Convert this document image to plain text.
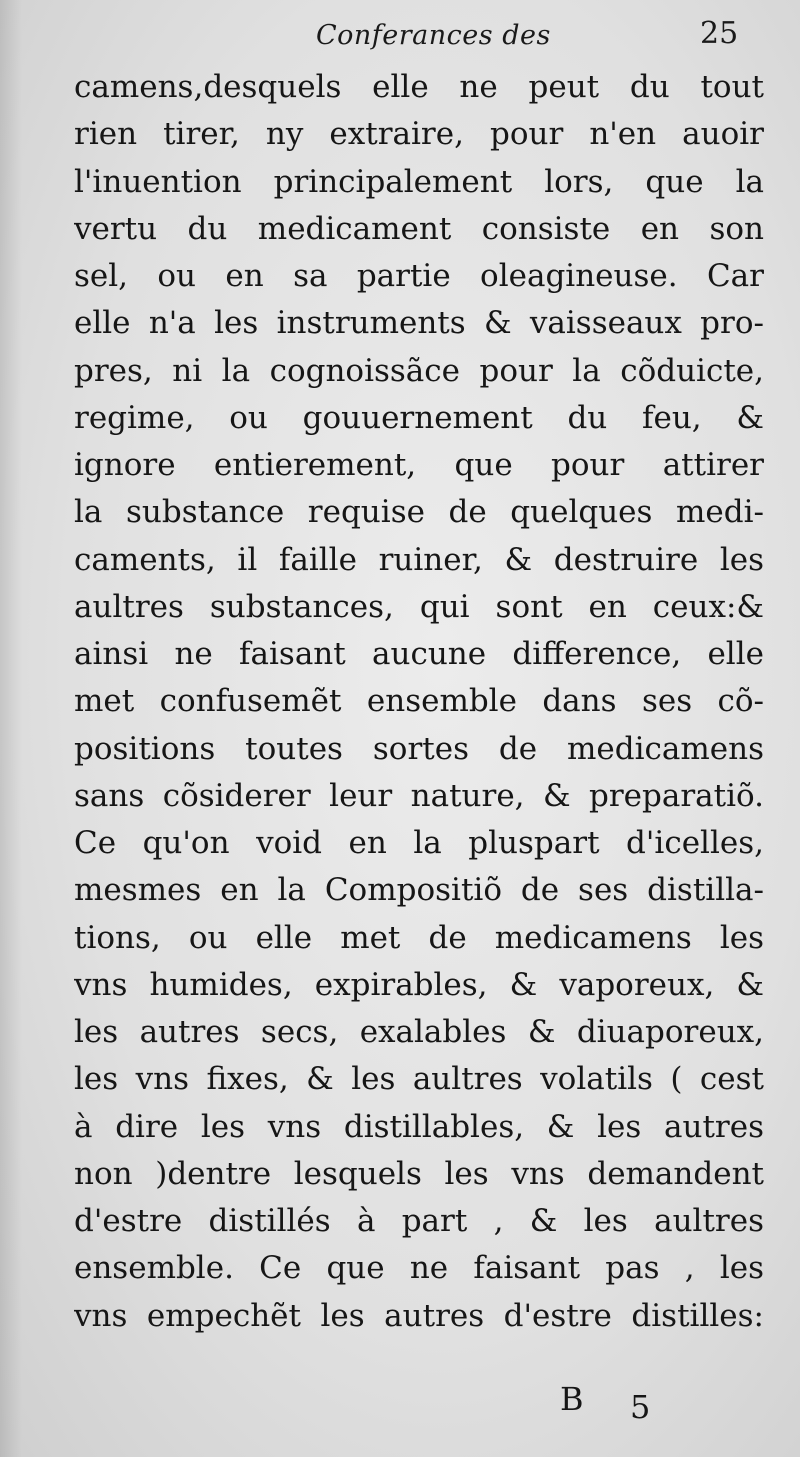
Conferances des	25
camens,desquels elle ne peut du tout
rien tirer, ny extraire, pour n'en auoir
l'inuention principalement lors, que la
vertu du medicament consiste en son
sel, ou en sa partie oleagineuse. Car
elle n'a les instruments & vaisseaux pro-
pres, ni la cognoissãce pour la cõduicte,
regime, ou gouuernement du feu, &
ignore entierement, que pour attirer
la substance requise de quelques medi-
caments, il faille ruiner, & destruire les
aultres substances, qui sont en ceux:&
ainsi ne faisant aucune difference, elle
met confusemẽt ensemble dans ses cõ-
positions toutes sortes de medicamens
sans cõsiderer leur nature, & preparatiõ.
Ce qu'on void en la pluspart d'icelles,
mesmes en la Compositiõ de ses distilla-
tions, ou elle met de medicamens les
vns humides, expirables, & vaporeux, &
les autres secs, exalables & diuaporeux,
les vns fixes, & les aultres volatils ( cest
à dire les vns distillables, & les autres
non )dentre lesquels les vns demandent
d'estre distillés à part , & les aultres
ensemble. Ce que ne faisant pas , les
vns empechẽt les autres d'estre distilles:
B 5
